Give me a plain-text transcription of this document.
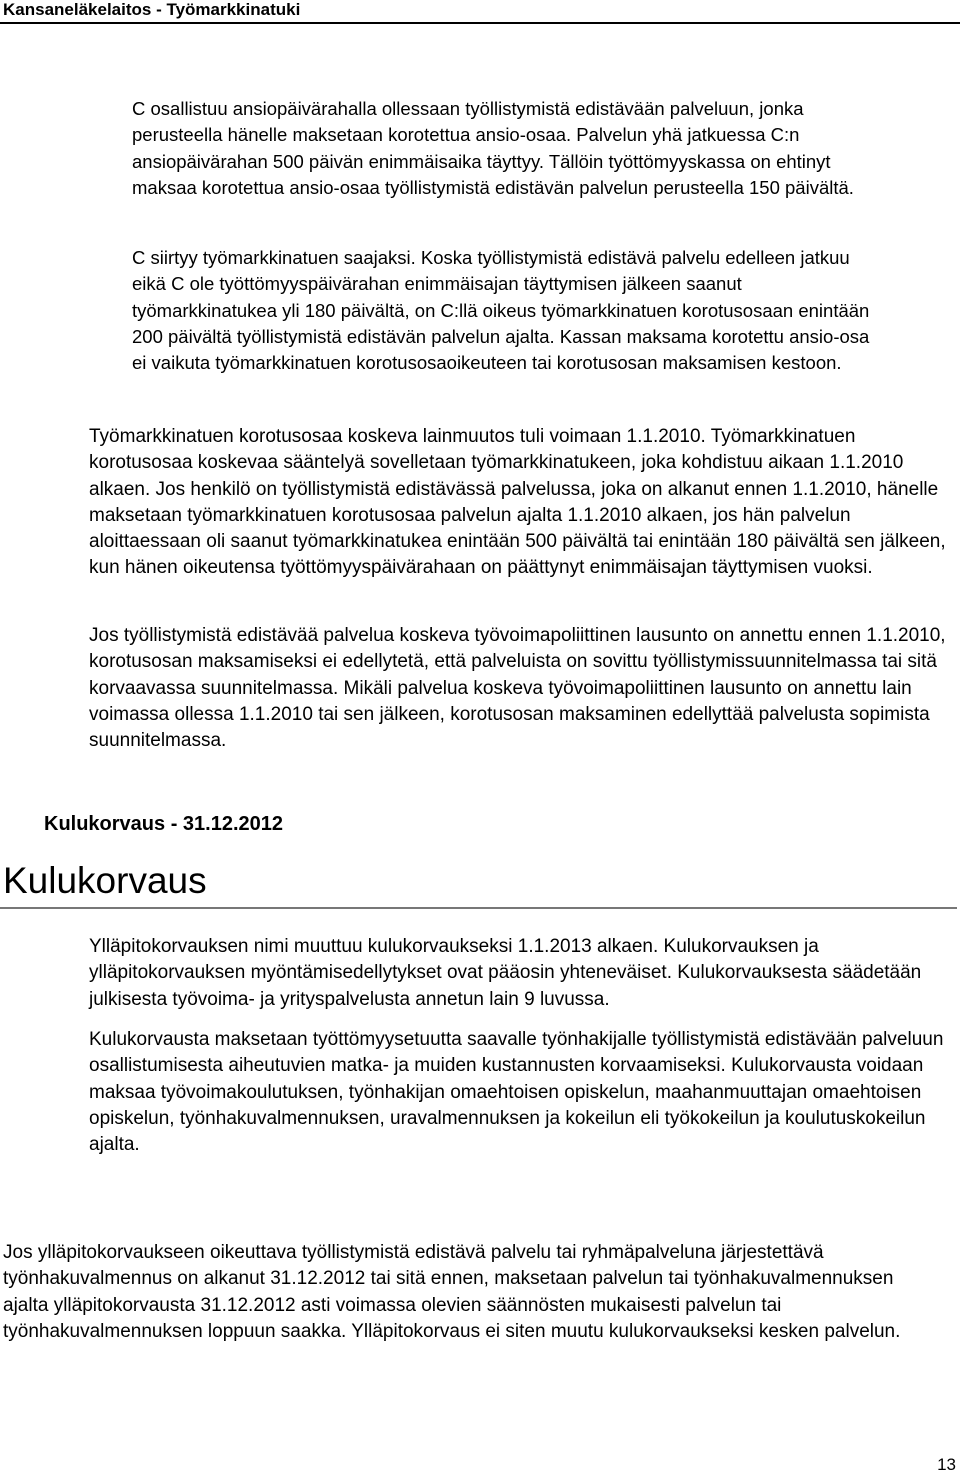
Kansaneläkelaitos - Työmarkkinatuki

C osallistuu ansiopäivärahalla ollessaan työllistymistä edistävään palveluun, jonka perusteella hänelle maksetaan korotettua ansio-osaa. Palvelun yhä jatkuessa C:n ansiopäivärahan 500 päivän enimmäisaika täyttyy. Tällöin työttömyyskassa on ehtinyt maksaa korotettua ansio-osaa työllistymistä edistävän palvelun perusteella 150 päivältä.

C siirtyy työmarkkinatuen saajaksi. Koska työllistymistä edistävä palvelu edelleen jatkuu eikä C ole työttömyyspäivärahan enimmäisajan täyttymisen jälkeen saanut työmarkkinatukea yli 180 päivältä, on C:llä oikeus työmarkkinatuen korotusosaan enintään 200 päivältä työllistymistä edistävän palvelun ajalta. Kassan maksama korotettu ansio-osa ei vaikuta työmarkkinatuen korotusosaoikeuteen tai korotusosan maksamisen kestoon.

Työmarkkinatuen korotusosaa koskeva lainmuutos tuli voimaan 1.1.2010. Työmarkkinatuen korotusosaa koskevaa sääntelyä sovelletaan työmarkkinatukeen, joka kohdistuu aikaan 1.1.2010 alkaen. Jos henkilö on työllistymistä edistävässä palvelussa, joka on alkanut ennen 1.1.2010, hänelle maksetaan työmarkkinatuen korotusosaa palvelun ajalta 1.1.2010 alkaen, jos hän palvelun aloittaessaan oli saanut työmarkkinatukea enintään 500 päivältä tai enintään 180 päivältä sen jälkeen, kun hänen oikeutensa työttömyyspäivärahaan on päättynyt enimmäisajan täyttymisen vuoksi.

Jos työllistymistä edistävää palvelua koskeva työvoimapoliittinen lausunto on annettu ennen 1.1.2010, korotusosan maksamiseksi ei edellytetä, että palveluista on sovittu työllistymissuunnitelmassa tai sitä korvaavassa suunnitelmassa. Mikäli palvelua koskeva työvoimapoliittinen lausunto on annettu lain voimassa ollessa 1.1.2010 tai sen jälkeen, korotusosan maksaminen edellyttää palvelusta sopimista suunnitelmassa.

Kulukorvaus - 31.12.2012
Kulukorvaus

Ylläpitokorvauksen nimi muuttuu kulukorvaukseksi 1.1.2013 alkaen. Kulukorvauksen ja ylläpitokorvauksen myöntämisedellytykset ovat pääosin yhteneväiset. Kulukorvauksesta säädetään julkisesta työvoima- ja yrityspalvelusta annetun lain 9 luvussa.

Kulukorvausta maksetaan työttömyysetuutta saavalle työnhakijalle työllistymistä edistävään palveluun osallistumisesta aiheutuvien matka- ja muiden kustannusten korvaamiseksi. Kulukorvausta voidaan maksaa työvoimakoulutuksen, työnhakijan omaehtoisen opiskelun, maahanmuuttajan omaehtoisen opiskelun, työnhakuvalmennuksen, uravalmennuksen ja kokeilun eli työkokeilun ja koulutuskokeilun ajalta.

Jos ylläpitokorvaukseen oikeuttava työllistymistä edistävä palvelu tai ryhmäpalveluna järjestettävä työnhakuvalmennus on alkanut 31.12.2012 tai sitä ennen, maksetaan palvelun tai työnhakuvalmennuksen ajalta ylläpitokorvausta 31.12.2012 asti voimassa olevien säännösten mukaisesti palvelun tai työnhakuvalmennuksen loppuun saakka. Ylläpitokorvaus ei siten muutu kulukorvaukseksi kesken palvelun.

13
